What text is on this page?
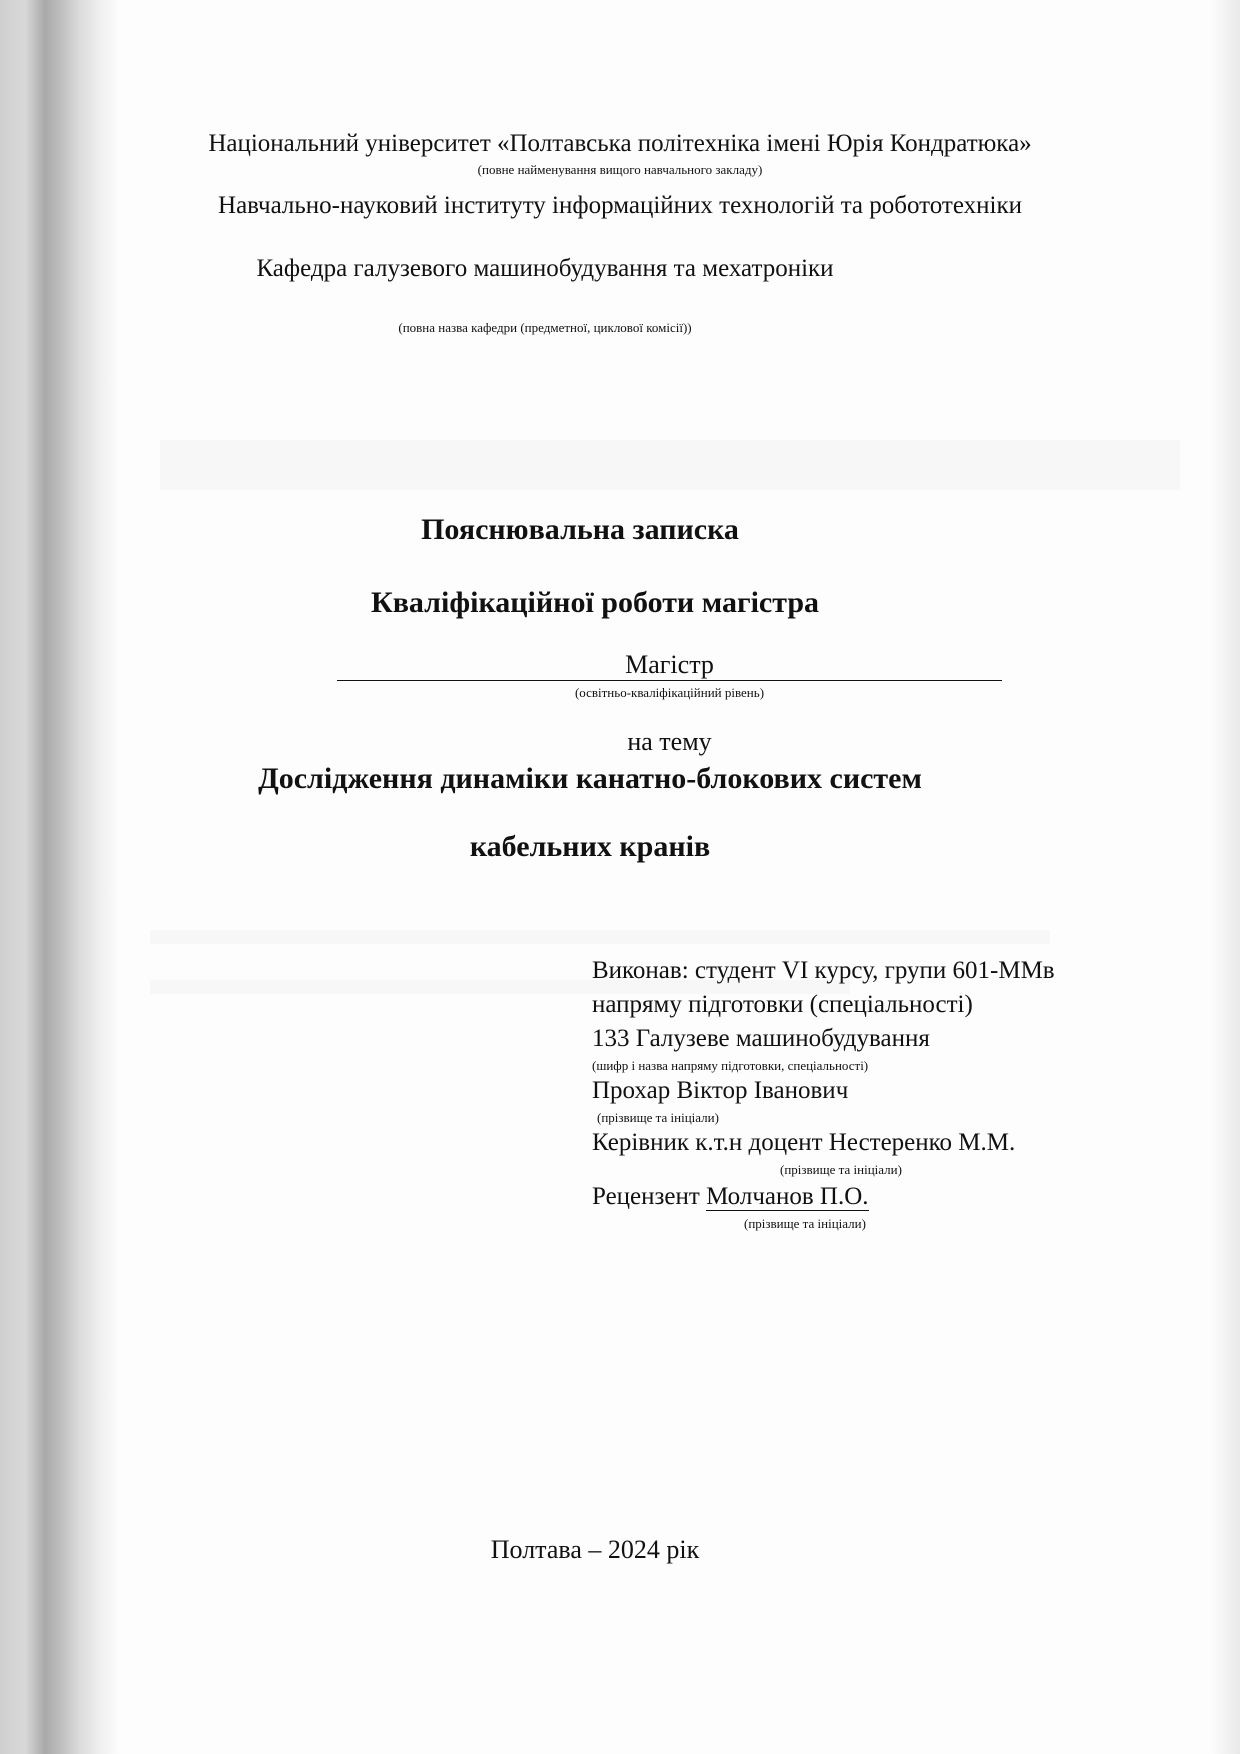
Національний університет «Полтавська політехніка імені Юрія Кондратюка»
(повне найменування вищого навчального закладу)
Навчально-науковий інституту інформаційних технологій та робототехніки
Кафедра галузевого машинобудування та мехатроніки
(повна назва кафедри (предметної, циклової комісії))
Пояснювальна записка
Кваліфікаційної роботи магістра
Магістр
(освітньо-кваліфікаційний рівень)
на тему
Дослідження динаміки канатно-блокових систем
кабельних кранів
Виконав: студент VI курсу, групи 601-ММв
напряму підготовки (спеціальності)
133 Галузеве машинобудування
(шифр і назва напряму підготовки, спеціальності)
Прохар Віктор Іванович
(прізвище та ініціали)
Керівник к.т.н доцент Нестеренко М.М.
(прізвище та ініціали)
Рецензент Молчанов П.О.
(прізвище та ініціали)
Полтава – 2024 рік
